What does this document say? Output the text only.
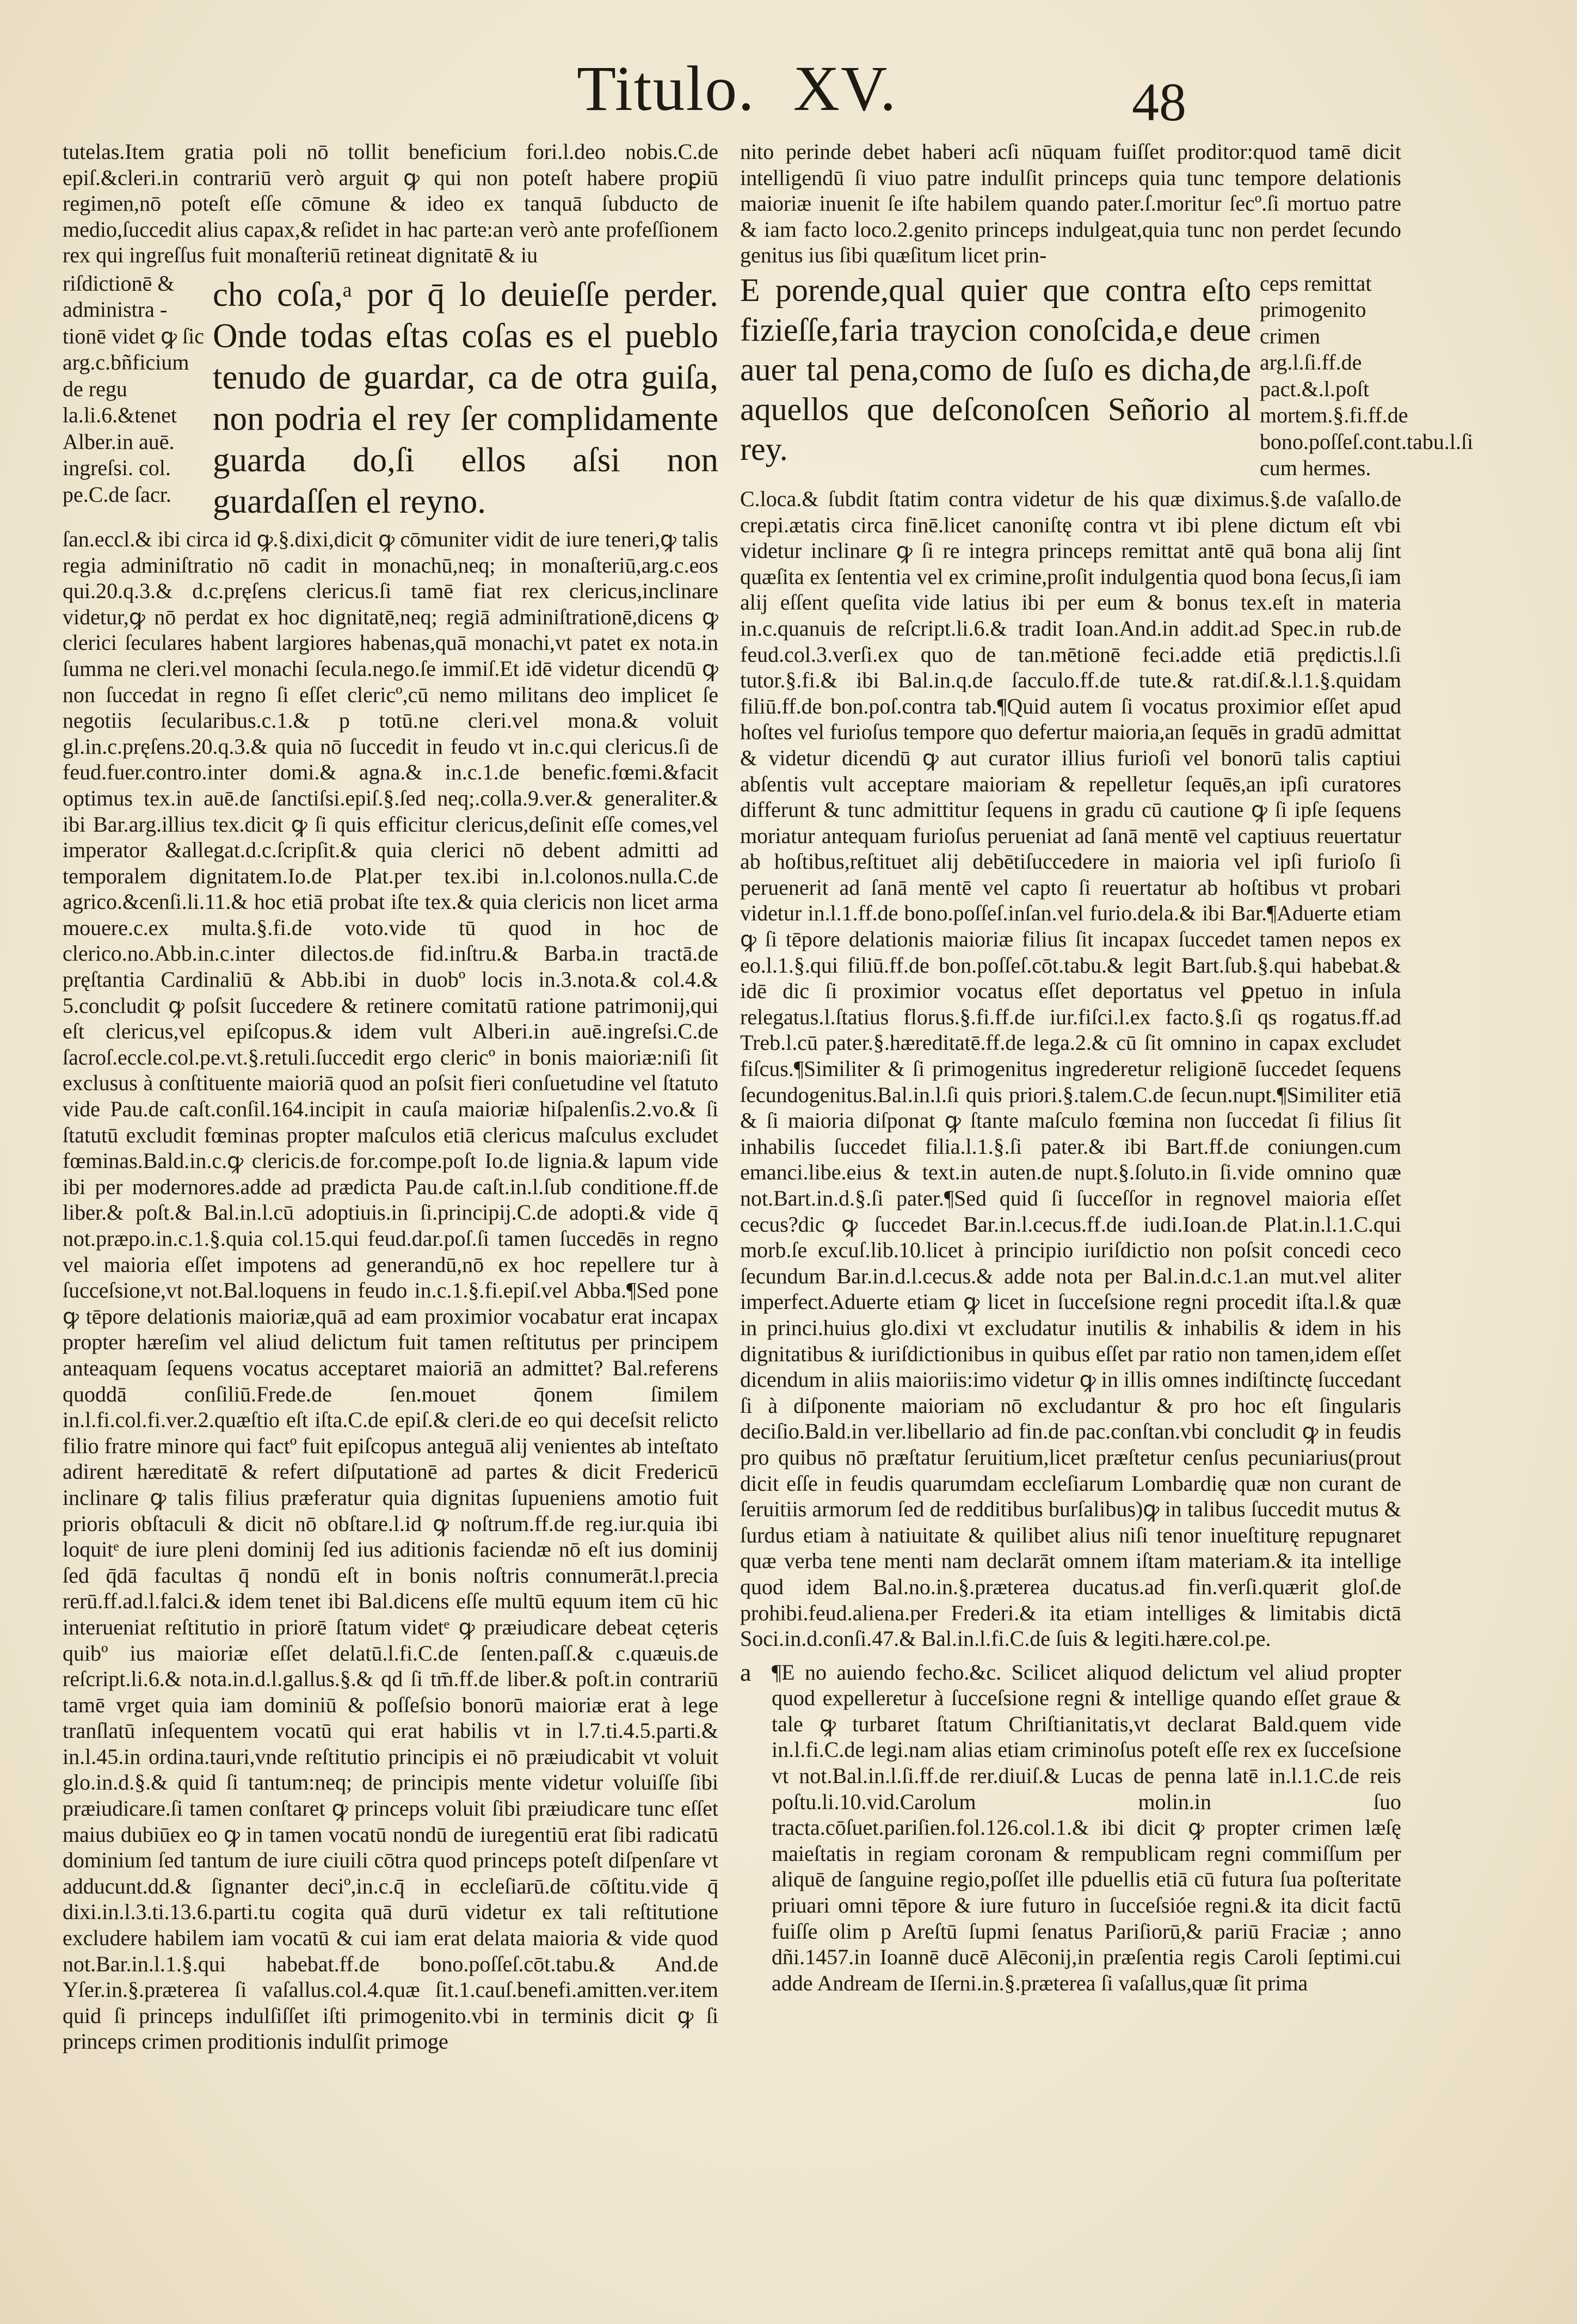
Titulo. XV.	48

tutelas.Item gratia poli nō tollit beneficium fori.l.deo nobis.C.de epiſ.&cleri.in contrariū verò arguit ꝙ qui non poteſt habere proꝑiū regimen,nō poteſt eſſe cōmune & ideo ex tanquā ſubducto de medio,ſuccedit alius capax,& reſidet in hac parte:an verò ante profeſſionem rex qui ingreſſus fuit monaſteriū retineat dignitatē & iu

riſdictionē & administra - tionē videt ꝙ ſic arg.c.bñficium de regu la.li.6.&tenet Alber.in auē. ingreſsi. col. pe.C.de ſacr.
cho coſa,ᵃ por q̄ lo deuieſſe perder. Onde todas eſtas coſas es el pueblo tenudo de guardar, ca de otra guiſa, non podria el rey ſer complidamente guarda do,ſi ellos aſsi non guardaſſen el reyno.

ſan.eccl.& ibi circa id ꝙ.§.dixi,dicit ꝙ cōmuniter vidit de iure teneri,ꝙ talis regia adminiſtratio nō cadit in monachū,neq; in monaſteriū,arg.c.eos qui.20.q.3.& d.c.pręſens clericus.ſi tamē fiat rex clericus,inclinare videtur,ꝙ nō perdat ex hoc dignitatē,neq; regiā adminiſtrationē,dicens ꝙ clerici ſeculares habent largiores habenas,quā monachi,vt patet ex nota.in ſumma ne cleri.vel monachi ſecula.nego.ſe immiſ.Et idē videtur dicendū ꝙ non ſuccedat in regno ſi eſſet clericº,cū nemo militans deo implicet ſe negotiis ſecularibus.c.1.& p totū.ne cleri.vel mona.& voluit gl.in.c.pręſens.20.q.3.& quia nō ſuccedit in feudo vt in.c.qui clericus.ſi de feud.fuer.contro.inter domi.& agna.& in.c.1.de benefic.fœmi.&facit optimus tex.in auē.de ſanctiſsi.epiſ.§.ſed neq;.colla.9.ver.& generaliter.& ibi Bar.arg.illius tex.dicit ꝙ ſi quis efficitur clericus,deſinit eſſe comes,vel imperator &allegat.d.c.ſcripſit.& quia clerici nō debent admitti ad temporalem dignitatem.Io.de Plat.per tex.ibi in.l.colonos.nulla.C.de agrico.&cenſi.li.11.& hoc etiā probat iſte tex.& quia clericis non licet arma mouere.c.ex multa.§.fi.de voto.vide tū quod in hoc de clerico.no.Abb.in.c.inter dilectos.de fid.inſtru.& Barba.in tractā.de pręſtantia Cardinaliū & Abb.ibi in duobº locis in.3.nota.& col.4.& 5.concludit ꝙ poſsit ſuccedere & retinere comitatū ratione patrimonij,qui eſt clericus,vel epiſcopus.& idem vult Alberi.in auē.ingreſsi.C.de ſacroſ.eccle.col.pe.vt.§.retuli.ſuccedit ergo clericº in bonis maioriæ:niſi ſit exclusus à conſtituente maioriā quod an poſsit fieri conſuetudine vel ſtatuto vide Pau.de caſt.conſil.164.incipit in cauſa maioriæ hiſpalenſis.2.vo.& ſi ſtatutū excludit fœminas propter maſculos etiā clericus maſculus excludet fœminas.Bald.in.c.ꝙ clericis.de for.compe.poſt Io.de lignia.& lapum vide ibi per modernores.adde ad prædicta Pau.de caſt.in.l.ſub conditione.ff.de liber.& poſt.& Bal.in.l.cū adoptiuis.in ſi.principij.C.de adopti.& vide q̄ not.præpo.in.c.1.§.quia col.15.qui feud.dar.poſ.ſi tamen ſuccedēs in regno vel maioria eſſet impotens ad generandū,nō ex hoc repellere tur à ſucceſsione,vt not.Bal.loquens in feudo in.c.1.§.fi.epiſ.vel Abba.¶Sed pone ꝙ tēpore delationis maioriæ,quā ad eam proximior vocabatur erat incapax propter hæreſim vel aliud delictum fuit tamen reſtitutus per principem anteaquam ſequens vocatus acceptaret maioriā an admittet? Bal.referens quoddā conſiliū.Frede.de ſen.mouet q̄onem ſimilem in.l.fi.col.fi.ver.2.quæſtio eſt iſta.C.de epiſ.& cleri.de eo qui deceſsit relicto filio fratre minore qui factº fuit epiſcopus anteguā alij venientes ab inteſtato adirent hæreditatē & refert diſputationē ad partes & dicit Fredericū inclinare ꝙ talis filius præferatur quia dignitas ſupueniens amotio fuit prioris obſtaculi & dicit nō obſtare.l.id ꝙ noſtrum.ff.de reg.iur.quia ibi loquitᵉ de iure pleni dominij ſed ius aditionis faciendæ nō eſt ius dominij ſed q̄dā facultas q̄ nondū eſt in bonis noſtris connumerāt.l.precia rerū.ff.ad.l.falci.& idem tenet ibi Bal.dicens eſſe multū equum item cū hic interueniat reſtitutio in priorē ſtatum videtᵉ ꝙ præiudicare debeat cęteris quibº ius maioriæ eſſet delatū.l.fi.C.de ſenten.paſſ.& c.quæuis.de reſcript.li.6.& nota.in.d.l.gallus.§.& qd ſi tm̄.ff.de liber.& poſt.in contrariū tamē vrget quia iam dominiū & poſſeſsio bonorū maioriæ erat à lege tranſlatū inſequentem vocatū qui erat habilis vt in l.7.ti.4.5.parti.& in.l.45.in ordina.tauri,vnde reſtitutio principis ei nō præiudicabit vt voluit glo.in.d.§.& quid ſi tantum:neq; de principis mente videtur voluiſſe ſibi præiudicare.ſi tamen conſtaret ꝙ princeps voluit ſibi præiudicare tunc eſſet maius dubiūex eo ꝙ in tamen vocatū nondū de iuregentiū erat ſibi radicatū dominium ſed tantum de iure ciuili cōtra quod princeps poteſt diſpenſare vt adducunt.dd.& ſignanter deciº,in.c.q̄ in eccleſiarū.de cōſtitu.vide q̄ dixi.in.l.3.ti.13.6.parti.tu cogita quā durū videtur ex tali reſtitutione excludere habilem iam vocatū & cui iam erat delata maioria & vide quod not.Bar.in.l.1.§.qui habebat.ff.de bono.poſſeſ.cōt.tabu.& And.de Yſer.in.§.præterea ſi vaſallus.col.4.quæ ſit.1.cauſ.benefi.amitten.ver.item quid ſi princeps indulſiſſet iſti primogenito.vbi in terminis dicit ꝙ ſi princeps crimen proditionis indulſit primoge

nito perinde debet haberi acſi nūquam fuiſſet proditor:quod tamē dicit intelligendū ſi viuo patre indulſit princeps quia tunc tempore delationis maioriæ inuenit ſe iſte habilem quando pater.ſ.moritur ſecº.ſi mortuo patre & iam facto loco.2.genito princeps indulgeat,quia tunc non perdet ſecundo genitus ius ſibi quæſitum licet prin-

E porende,qual quier que contra eſto fizieſſe,faria traycion conoſcida,e deue auer tal pena,como de ſuſo es dicha,de aquellos que deſconoſcen Señorio al rey.
ceps remittat primogenito crimen arg.l.ſi.ff.de pact.&.l.poſt mortem.§.fi.ff.de bono.poſſeſ.cont.tabu.l.ſi cum hermes.

C.loca.& ſubdit ſtatim contra videtur de his quæ diximus.§.de vaſallo.de crepi.ætatis circa finē.licet canoniſtę contra vt ibi plene dictum eſt vbi videtur inclinare ꝙ ſi re integra princeps remittat antē quā bona alij ſint quæſita ex ſententia vel ex crimine,proſit indulgentia quod bona ſecus,ſi iam alij eſſent queſita vide latius ibi per eum & bonus tex.eſt in materia in.c.quanuis de reſcript.li.6.& tradit Ioan.And.in addit.ad Spec.in rub.de feud.col.3.verſi.ex quo de tan.mētionē feci.adde etiā prędictis.l.ſi tutor.§.fi.& ibi Bal.in.q.de ſacculo.ff.de tute.& rat.diſ.&.l.1.§.quidam filiū.ff.de bon.poſ.contra tab.¶Quid autem ſi vocatus proximior eſſet apud hoſtes vel furioſus tempore quo defertur maioria,an ſequēs in gradū admittat & videtur dicendū ꝙ aut curator illius furioſi vel bonorū talis captiui abſentis vult acceptare maioriam & repelletur ſequēs,an ipſi curatores differunt & tunc admittitur ſequens in gradu cū cautione ꝙ ſi ipſe ſequens moriatur antequam furioſus perueniat ad ſanā mentē vel captiuus reuertatur ab hoſtibus,reſtituet alij debētiſuccedere in maioria vel ipſi furioſo ſi peruenerit ad ſanā mentē vel capto ſi reuertatur ab hoſtibus vt probari videtur in.l.1.ff.de bono.poſſeſ.inſan.vel furio.dela.& ibi Bar.¶Aduerte etiam ꝙ ſi tēpore delationis maioriæ filius ſit incapax ſuccedet tamen nepos ex eo.l.1.§.qui filiū.ff.de bon.poſſeſ.cōt.tabu.& legit Bart.ſub.§.qui habebat.& idē dic ſi proximior vocatus eſſet deportatus vel ꝑpetuo in inſula relegatus.l.ſtatius florus.§.fi.ff.de iur.fiſci.l.ex facto.§.ſi qs rogatus.ff.ad Treb.l.cū pater.§.hæreditatē.ff.de lega.2.& cū ſit omnino in capax excludet fiſcus.¶Similiter & ſi primogenitus ingrederetur religionē ſuccedet ſequens ſecundogenitus.Bal.in.l.ſi quis priori.§.talem.C.de ſecun.nupt.¶Similiter etiā & ſi maioria diſponat ꝙ ſtante maſculo fœmina non ſuccedat ſi filius ſit inhabilis ſuccedet filia.l.1.§.ſi pater.& ibi Bart.ff.de coniungen.cum emanci.libe.eius & text.in auten.de nupt.§.ſoluto.in ſi.vide omnino quæ not.Bart.in.d.§.ſi pater.¶Sed quid ſi ſucceſſor in regnovel maioria eſſet cecus?dic ꝙ ſuccedet Bar.in.l.cecus.ff.de iudi.Ioan.de Plat.in.l.1.C.qui morb.ſe excuſ.lib.10.licet à principio iuriſdictio non poſsit concedi ceco ſecundum Bar.in.d.l.cecus.& adde nota per Bal.in.d.c.1.an mut.vel aliter imperfect.Aduerte etiam ꝙ licet in ſucceſsione regni procedit iſta.l.& quæ in princi.huius glo.dixi vt excludatur inutilis & inhabilis & idem in his dignitatibus & iuriſdictionibus in quibus eſſet par ratio non tamen,idem eſſet dicendum in aliis maioriis:imo videtur ꝙ in illis omnes indiſtinctę ſuccedant ſi à diſponente maioriam nō excludantur & pro hoc eſt ſingularis deciſio.Bald.in ver.libellario ad fin.de pac.conſtan.vbi concludit ꝙ in feudis pro quibus nō præſtatur ſeruitium,licet præſtetur cenſus pecuniarius(prout dicit eſſe in feudis quarumdam eccleſiarum Lombardię quæ non curant de ſeruitiis armorum ſed de redditibus burſalibus)ꝙ in talibus ſuccedit mutus & ſurdus etiam à natiuitate & quilibet alius niſi tenor inueſtiturę repugnaret quæ verba tene menti nam declarāt omnem iſtam materiam.& ita intellige quod idem Bal.no.in.§.præterea ducatus.ad fin.verſi.quærit gloſ.de prohibi.feud.aliena.per Frederi.& ita etiam intelliges & limitabis dictā Soci.in.d.conſi.47.& Bal.in.l.fi.C.de ſuis & legiti.hære.col.pe.

a ¶E no auiendo fecho.&c. Scilicet aliquod delictum vel aliud propter quod expelleretur à ſucceſsione regni & intellige quando eſſet graue & tale ꝙ turbaret ſtatum Chriſtianitatis,vt declarat Bald.quem vide in.l.fi.C.de legi.nam alias etiam criminoſus poteſt eſſe rex ex ſucceſsione vt not.Bal.in.l.ſi.ff.de rer.diuiſ.& Lucas de penna latē in.l.1.C.de reis poſtu.li.10.vid.Carolum molin.in ſuo tracta.cōſuet.pariſien.fol.126.col.1.& ibi dicit ꝙ propter crimen læſę maieſtatis in regiam coronam & rempublicam regni commiſſum per aliquē de ſanguine regio,poſſet ille pduellis etiā cū futura ſua poſteritate priuari omni tēpore & iure futuro in ſucceſsióe regni.& ita dicit factū fuiſſe olim p Areſtū ſupmi ſenatus Pariſiorū,& pariū Fraciæ ; anno dñi.1457.in Ioannē ducē Alēconij,in præſentia regis Caroli ſeptimi.cui adde Andream de Iſerni.in.§.præterea ſi vaſallus,quæ ſit prima
